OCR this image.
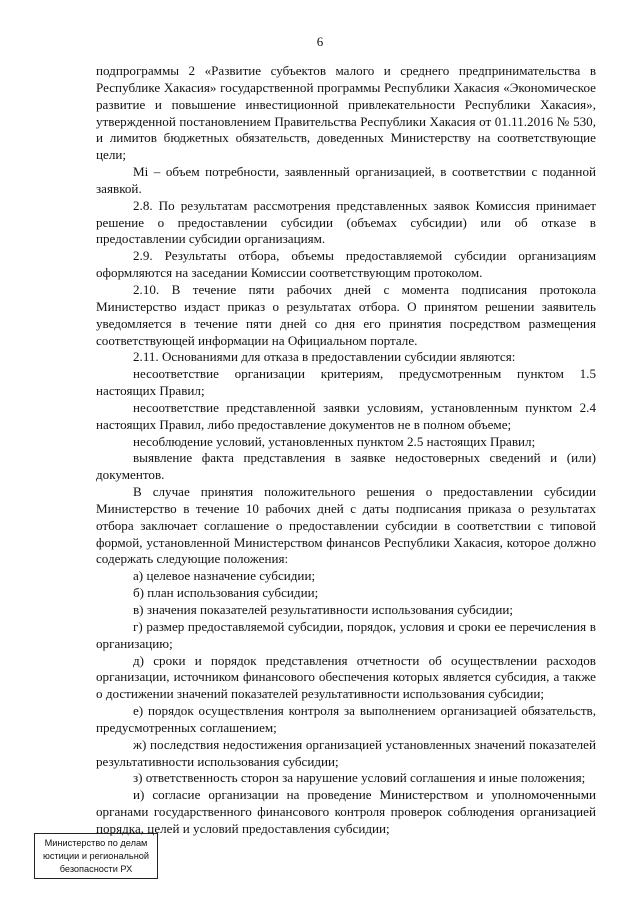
6

подпрограммы 2 «Развитие субъектов малого и среднего предпринимательства в Республике Хакасия» государственной программы Республики Хакасия «Экономическое развитие и повышение инвестиционной привлекательности Республики Хакасия», утвержденной постановлением Правительства Республики Хакасия от 01.11.2016 № 530, и лимитов бюджетных обязательств, доведенных Министерству на соответствующие цели;

Mi – объем потребности, заявленный организацией, в соответствии с поданной заявкой.

2.8. По результатам рассмотрения представленных заявок Комиссия принимает решение о предоставлении субсидии (объемах субсидии) или об отказе в предоставлении субсидии организациям.

2.9. Результаты отбора, объемы предоставляемой субсидии организациям оформляются на заседании Комиссии соответствующим протоколом.

2.10. В течение пяти рабочих дней с момента подписания протокола Министерство издаст приказ о результатах отбора. О принятом решении заявитель уведомляется в течение пяти дней со дня его принятия посредством размещения соответствующей информации на Официальном портале.

2.11. Основаниями для отказа в предоставлении субсидии являются:

несоответствие организации критериям, предусмотренным пунктом 1.5 настоящих Правил;

несоответствие представленной заявки условиям, установленным пунктом 2.4 настоящих Правил, либо предоставление документов не в полном объеме;

несоблюдение условий, установленных пунктом 2.5 настоящих Правил;

выявление факта представления в заявке недостоверных сведений и (или) документов.

В случае принятия положительного решения о предоставлении субсидии Министерство в течение 10 рабочих дней с даты подписания приказа о результатах отбора заключает соглашение о предоставлении субсидии в соответствии с типовой формой, установленной Министерством финансов Республики Хакасия, которое должно содержать следующие положения:

а) целевое назначение субсидии;

б) план использования субсидии;

в) значения показателей результативности использования субсидии;

г) размер предоставляемой субсидии, порядок, условия и сроки ее перечисления в организацию;

д) сроки и порядок представления отчетности об осуществлении расходов организации, источником финансового обеспечения которых является субсидия, а также о достижении значений показателей результативности использования субсидии;

е) порядок осуществления контроля за выполнением организацией обязательств, предусмотренных соглашением;

ж) последствия недостижения организацией установленных значений показателей результативности использования субсидии;

з) ответственность сторон за нарушение условий соглашения и иные положения;

и) согласие организации на проведение Министерством и уполномоченными органами государственного финансового контроля проверок соблюдения организацией порядка, целей и условий предоставления субсидии;

Министерство по делам
юстиции и региональной
безопасности РХ
